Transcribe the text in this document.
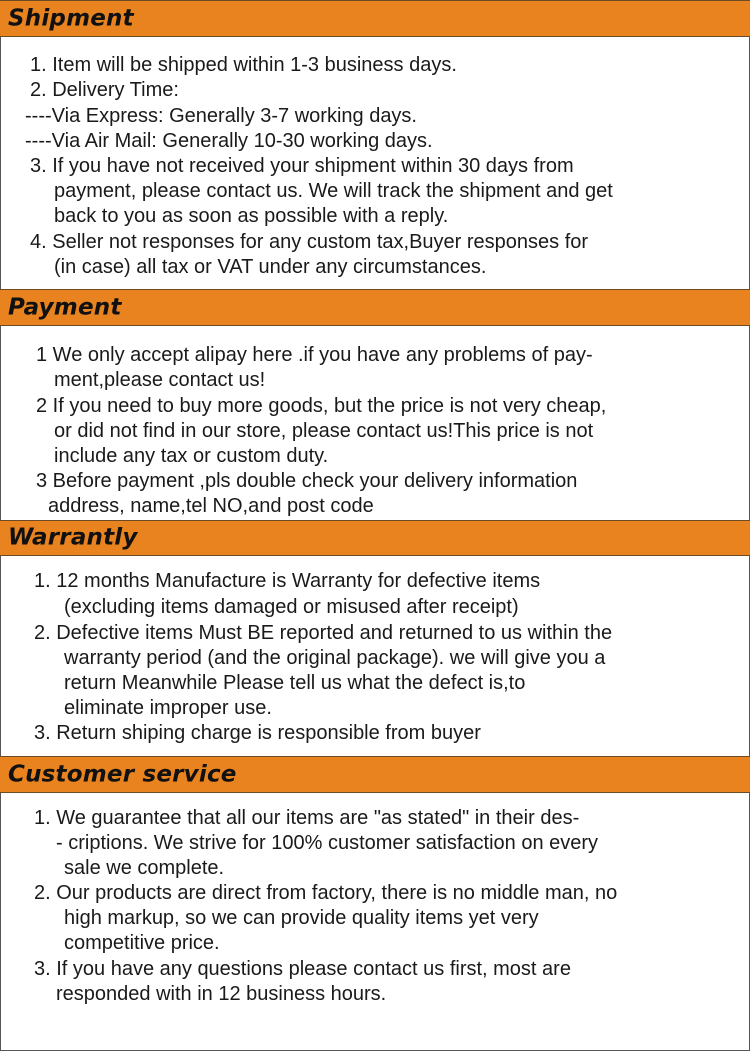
Shipment
1. Item will be shipped within 1-3 business days.
2. Delivery Time:
----Via Express: Generally 3-7 working days.
----Via Air Mail: Generally 10-30 working days.
3. If you have not received your shipment within 30 days from
payment, please contact us. We will track the shipment and get
back to you as soon as possible with a reply.
4. Seller not responses for any custom tax,Buyer responses for
(in case) all tax or VAT under any circumstances.
Payment
1 We only accept alipay here .if you have any problems of pay-
ment,please contact us!
2 If you need to buy more goods, but the price is not very cheap,
or did not find in our store, please contact us!This price is not
include any tax or custom duty.
3 Before payment ,pls double check your delivery information
address, name,tel NO,and post code
Warrantly
1. 12 months Manufacture is Warranty for defective items
(excluding items damaged or misused after receipt)
2. Defective items Must BE reported and returned to us within the
warranty period (and the original package). we will give you a
return Meanwhile Please tell us what the defect is,to
eliminate improper use.
3. Return shiping charge is responsible from buyer
Customer service
1. We guarantee that all our items are "as stated" in their des-
- criptions. We strive for 100% customer satisfaction on every
sale we complete.
2. Our products are direct from factory, there is no middle man, no
high markup, so we can provide quality items yet very
competitive price.
3. If you have any questions please contact us first, most are
responded with in 12 business hours.
